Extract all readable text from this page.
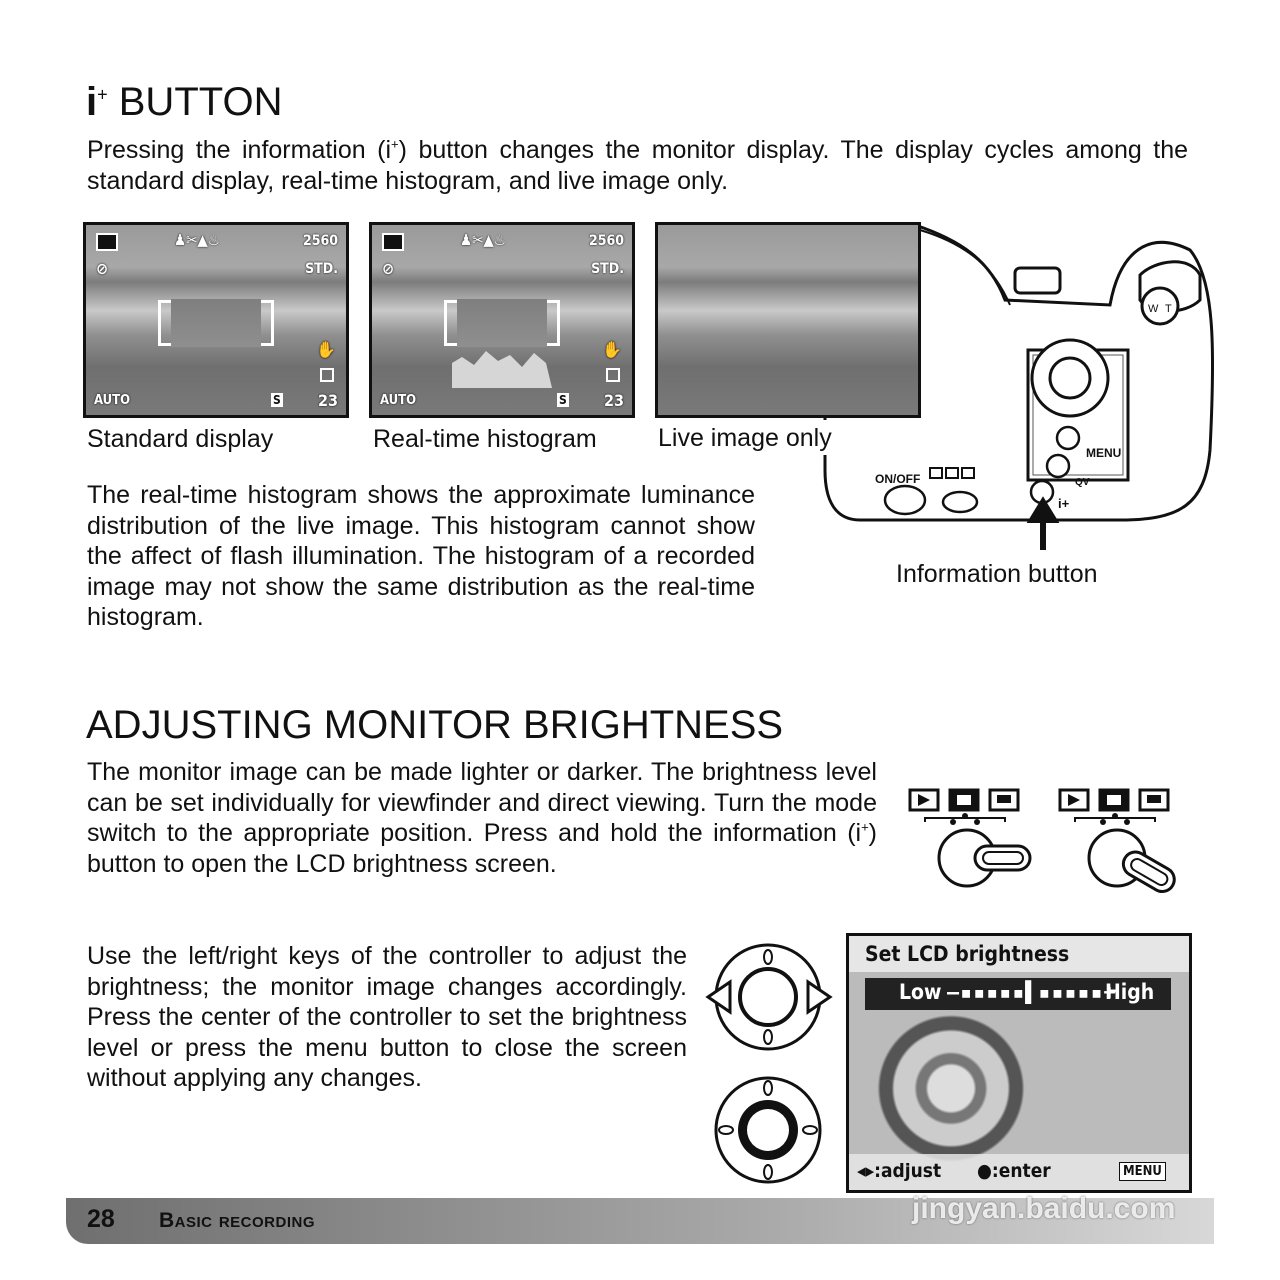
i+ BUTTON
Pressing the information (i+) button changes the monitor display. The display cycles among the standard display, real-time histogram, and live image only.
⊘
♟✂▲♨	2560
STD.
✋
AUTO	S 23
Standard display
⊘
♟✂▲♨	2560
STD.
✋
AUTO	S 23
Real-time histogram
W T
MENU
QV
i+
ON/OFF
Live image only
Information button
The real-time histogram shows the approximate luminance distribution of the live image. This histogram cannot show the affect of flash illumination. The histogram of a recorded image may not show the same distribution as the real-time histogram.
ADJUSTING MONITOR BRIGHTNESS
The monitor image can be made lighter or darker. The brightness level can be set individually for viewfinder and direct viewing. Turn the mode switch to the appropriate position. Press and hold the information (i+) button to open the LCD brightness screen.
Use the left/right keys of the controller to adjust the brightness; the monitor image changes accordingly. Press the center of the controller to set the brightness level or press the menu button to close the screen without applying any changes.
Set LCD brightness
Low –▪▪▪▪▪▌▪▪▪▪▪+
High
◂▸:adjust ●:enter	MENU
28 Basic recording	jingyan.baidu.com
